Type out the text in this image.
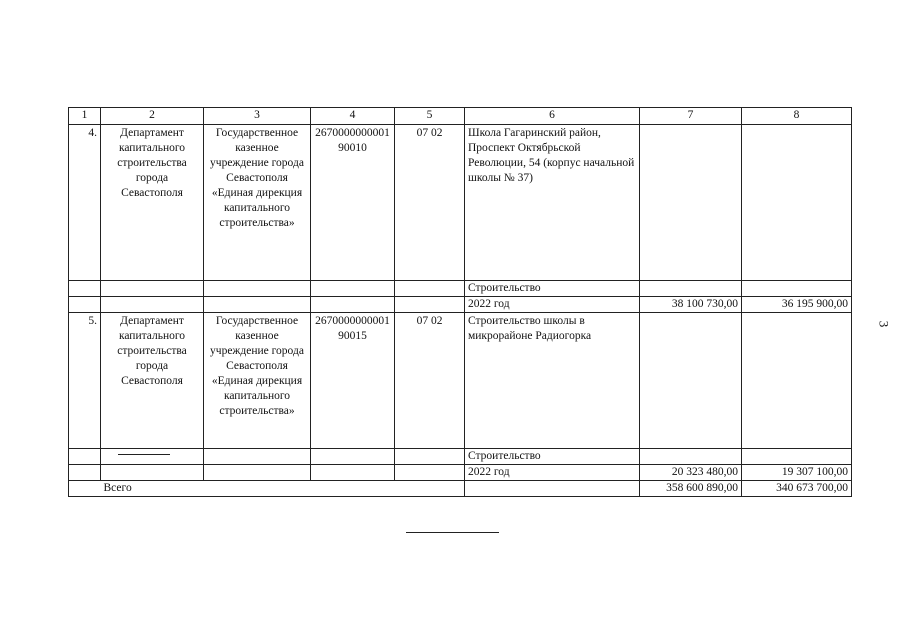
1	2	3	4	5	6	7	8
4.	Департамент капитального строительства города Севастополя	Государственное казенное учреждение города Севастополя «Единая дирекция капитального строительства»	267000000000190010	07 02	Школа Гагаринский район, Проспект Октябрьской Революции, 54 (корпус начальной школы № 37)		
					Строительство		
					2022 год	38 100 730,00	36 195 900,00
5.	Департамент капитального строительства города Севастополя	Государственное казенное учреждение города Севастополя «Единая дирекция капитального строительства»	267000000000190015	07 02	Строительство школы в микрорайоне Радиогорка		
					Строительство		
					2022 год	20 323 480,00	19 307 100,00
	Всего					358 600 890,00	340 673 700,00
3
